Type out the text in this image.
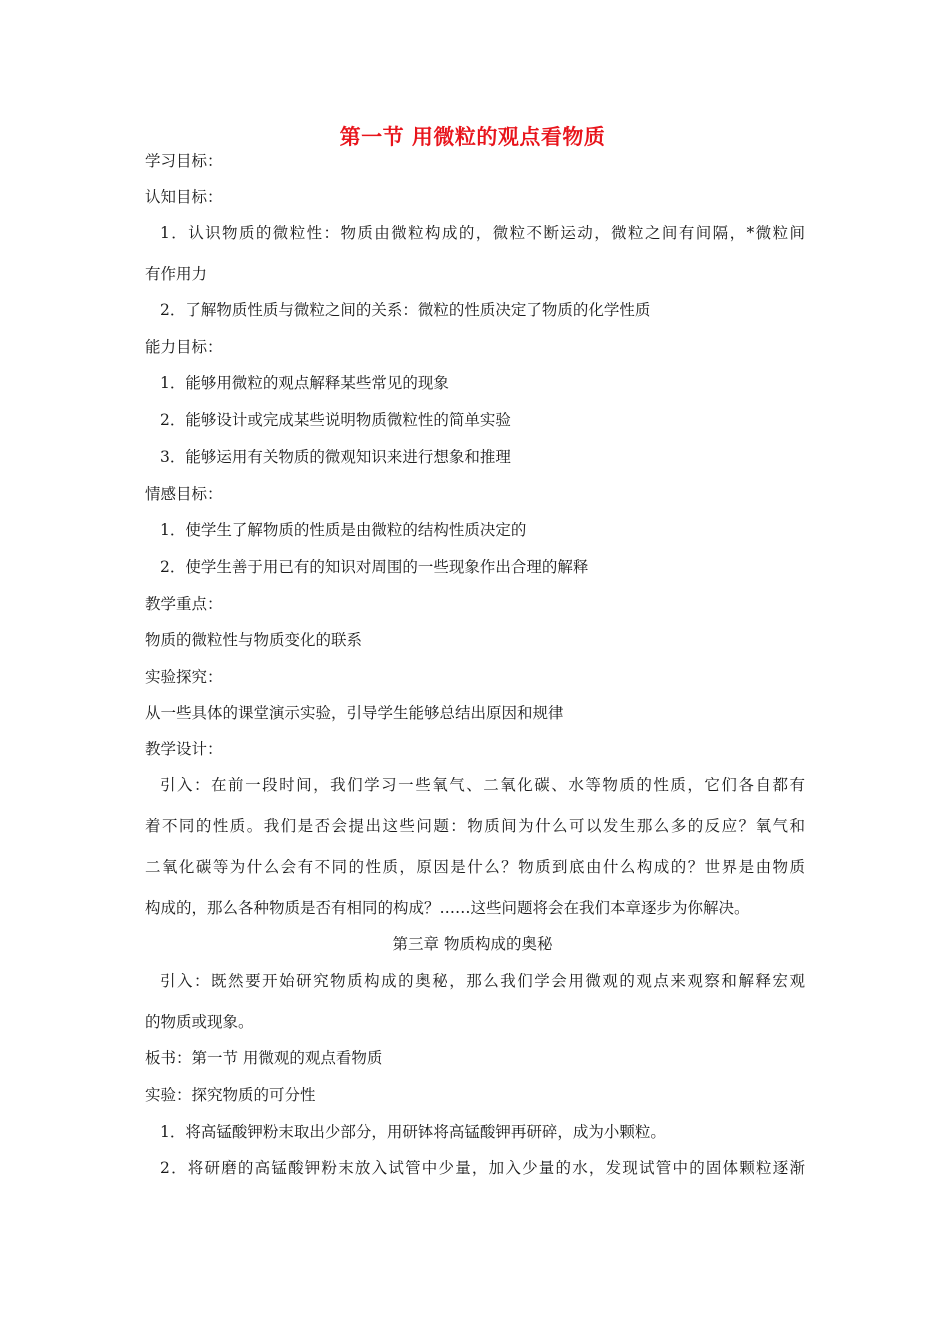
第一节 用微粒的观点看物质
学习目标：
认知目标：
1．认识物质的微粒性：物质由微粒构成的，微粒不断运动，微粒之间有间隔，*微粒间
有作用力
2．了解物质性质与微粒之间的关系：微粒的性质决定了物质的化学性质
能力目标：
1．能够用微粒的观点解释某些常见的现象
2．能够设计或完成某些说明物质微粒性的简单实验
3．能够运用有关物质的微观知识来进行想象和推理
情感目标：
1．使学生了解物质的性质是由微粒的结构性质决定的
2．使学生善于用已有的知识对周围的一些现象作出合理的解释
教学重点：
物质的微粒性与物质变化的联系
实验探究：
从一些具体的课堂演示实验，引导学生能够总结出原因和规律
教学设计：
引入：在前一段时间，我们学习一些氧气、二氧化碳、水等物质的性质，它们各自都有
着不同的性质。我们是否会提出这些问题：物质间为什么可以发生那么多的反应？氧气和
二氧化碳等为什么会有不同的性质，原因是什么？物质到底由什么构成的？世界是由物质
构成的，那么各种物质是否有相同的构成？……这些问题将会在我们本章逐步为你解决。
第三章 物质构成的奥秘
引入：既然要开始研究物质构成的奥秘，那么我们学会用微观的观点来观察和解释宏观
的物质或现象。
板书：第一节 用微观的观点看物质
实验：探究物质的可分性
1．将高锰酸钾粉末取出少部分，用研钵将高锰酸钾再研碎，成为小颗粒。
2．将研磨的高锰酸钾粉末放入试管中少量，加入少量的水，发现试管中的固体颗粒逐渐
